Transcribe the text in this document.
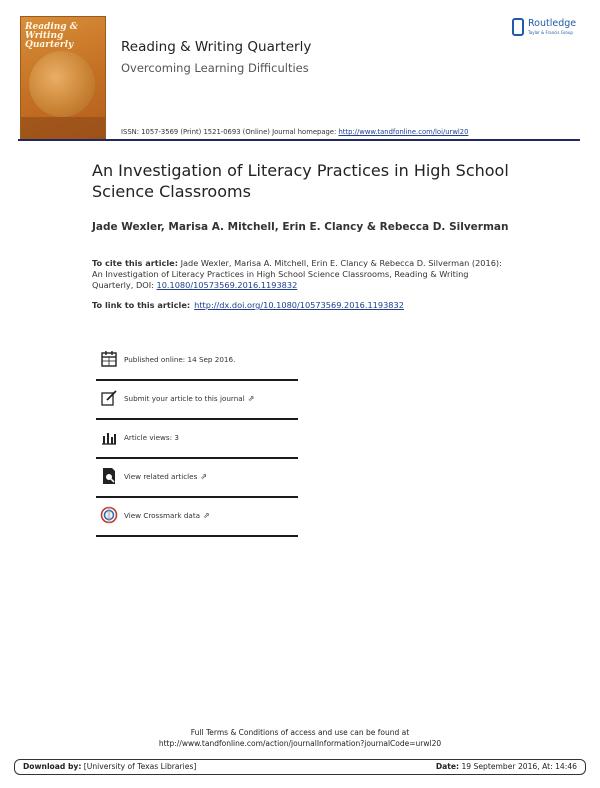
Reading &
Writing Quarterly	Reading & Writing Quarterly
Overcoming Learning Difficulties
ISSN: 1057-3569 (Print) 1521-0693 (Online) Journal homepage: http://www.tandfonline.com/loi/urwl20
Routledge
Taylor & Francis Group
An Investigation of Literacy Practices in High School Science Classrooms
Jade Wexler, Marisa A. Mitchell, Erin E. Clancy & Rebecca D. Silverman
To cite this article: Jade Wexler, Marisa A. Mitchell, Erin E. Clancy & Rebecca D. Silverman (2016): An Investigation of Literacy Practices in High School Science Classrooms, Reading & Writing Quarterly, DOI: 10.1080/10573569.2016.1193832
To link to this article: http://dx.doi.org/10.1080/10573569.2016.1193832
Published online: 14 Sep 2016.
Submit your article to this journal ⇗
Article views: 3
View related articles ⇗
View Crossmark data ⇗
Full Terms & Conditions of access and use can be found at
http://www.tandfonline.com/action/journalInformation?journalCode=urwl20
Download by: [University of Texas Libraries]	Date: 19 September 2016, At: 14:46
